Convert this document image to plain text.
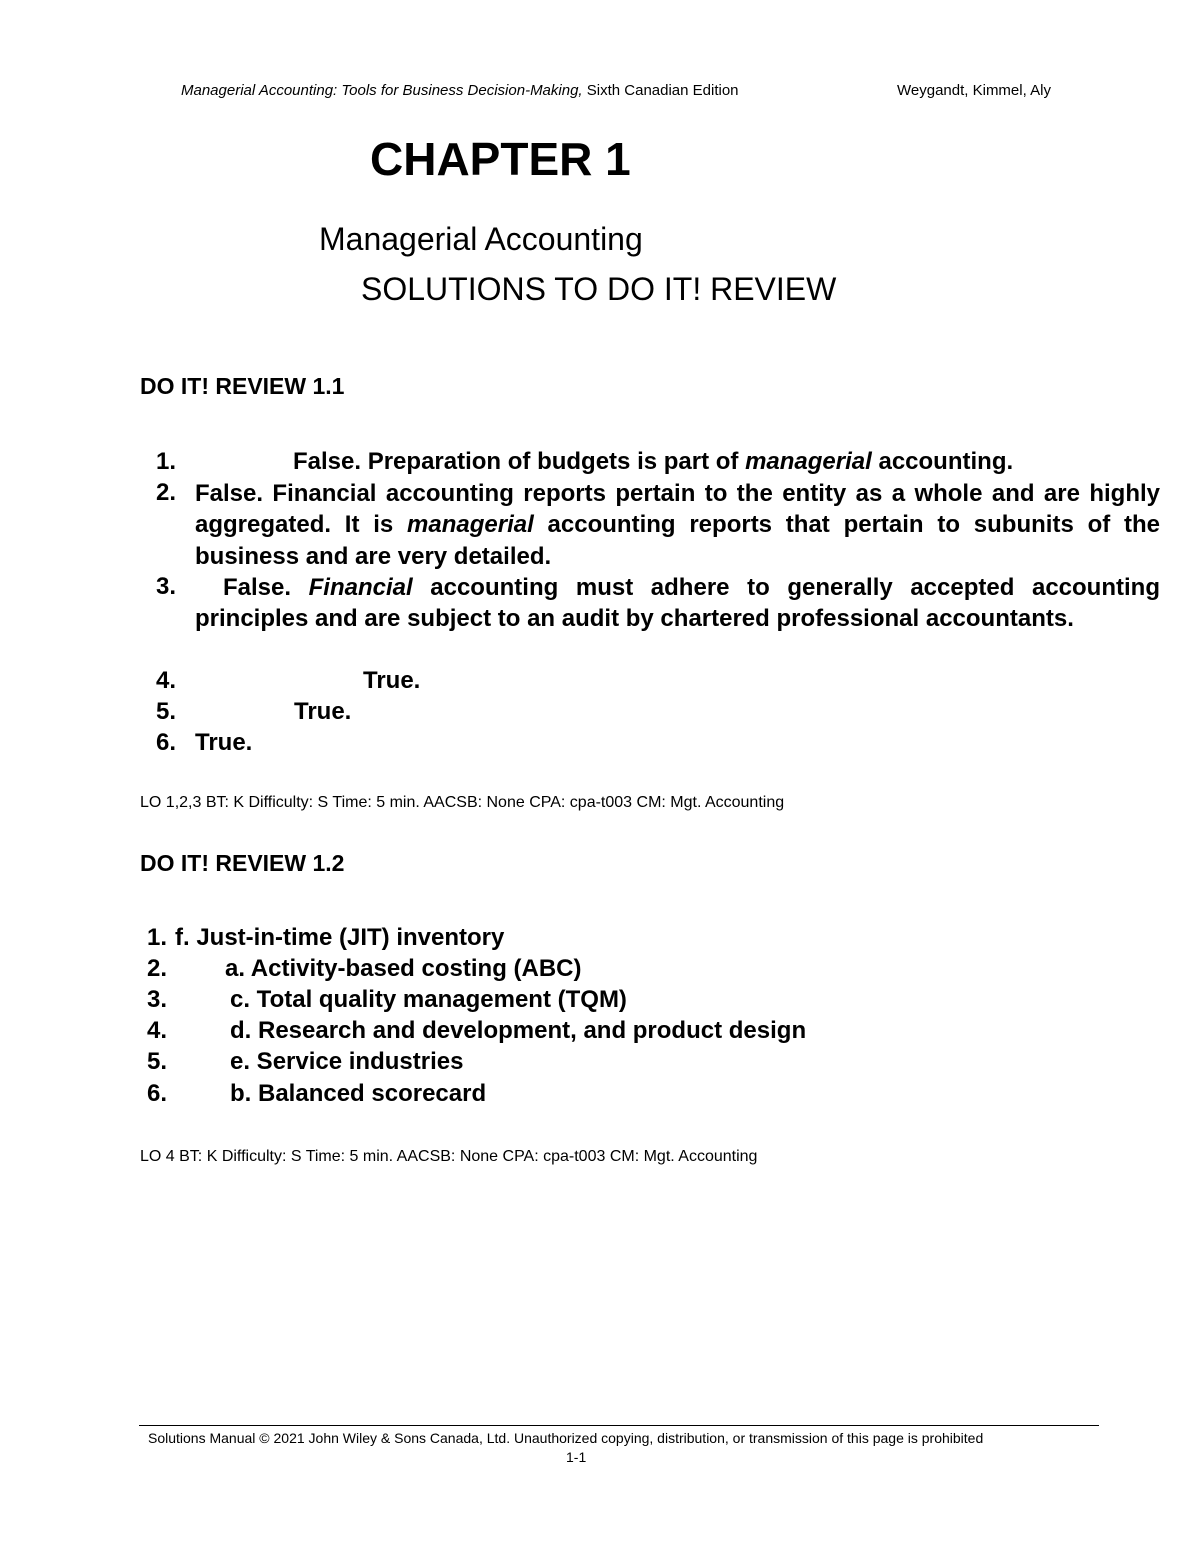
Managerial Accounting: Tools for Business Decision-Making, Sixth Canadian Edition	Weygandt, Kimmel, Aly
CHAPTER 1
Managerial Accounting
SOLUTIONS TO DO IT! REVIEW
DO IT! REVIEW 1.1
1.	False. Preparation of budgets is part of managerial accounting.
2. False. Financial accounting reports pertain to the entity as a whole and are highly aggregated. It is managerial accounting reports that pertain to subunits of the business and are very detailed.
3.	False. Financial accounting must adhere to generally accepted accounting principles and are subject to an audit by chartered professional accountants.
4.	True.
5.	True.
6. True.
LO 1,2,3 BT: K Difficulty: S Time: 5 min. AACSB: None CPA: cpa-t003 CM: Mgt. Accounting
DO IT! REVIEW 1.2
1. f. Just-in-time (JIT) inventory
2. a. Activity-based costing (ABC)
3.	c. Total quality management (TQM)
4.	d. Research and development, and product design
5.	e. Service industries
6.	b. Balanced scorecard
LO 4 BT: K Difficulty: S Time: 5 min. AACSB: None CPA: cpa-t003 CM: Mgt. Accounting
Solutions Manual © 2021 John Wiley & Sons Canada, Ltd. Unauthorized copying, distribution, or transmission of this page is prohibited
1-1
